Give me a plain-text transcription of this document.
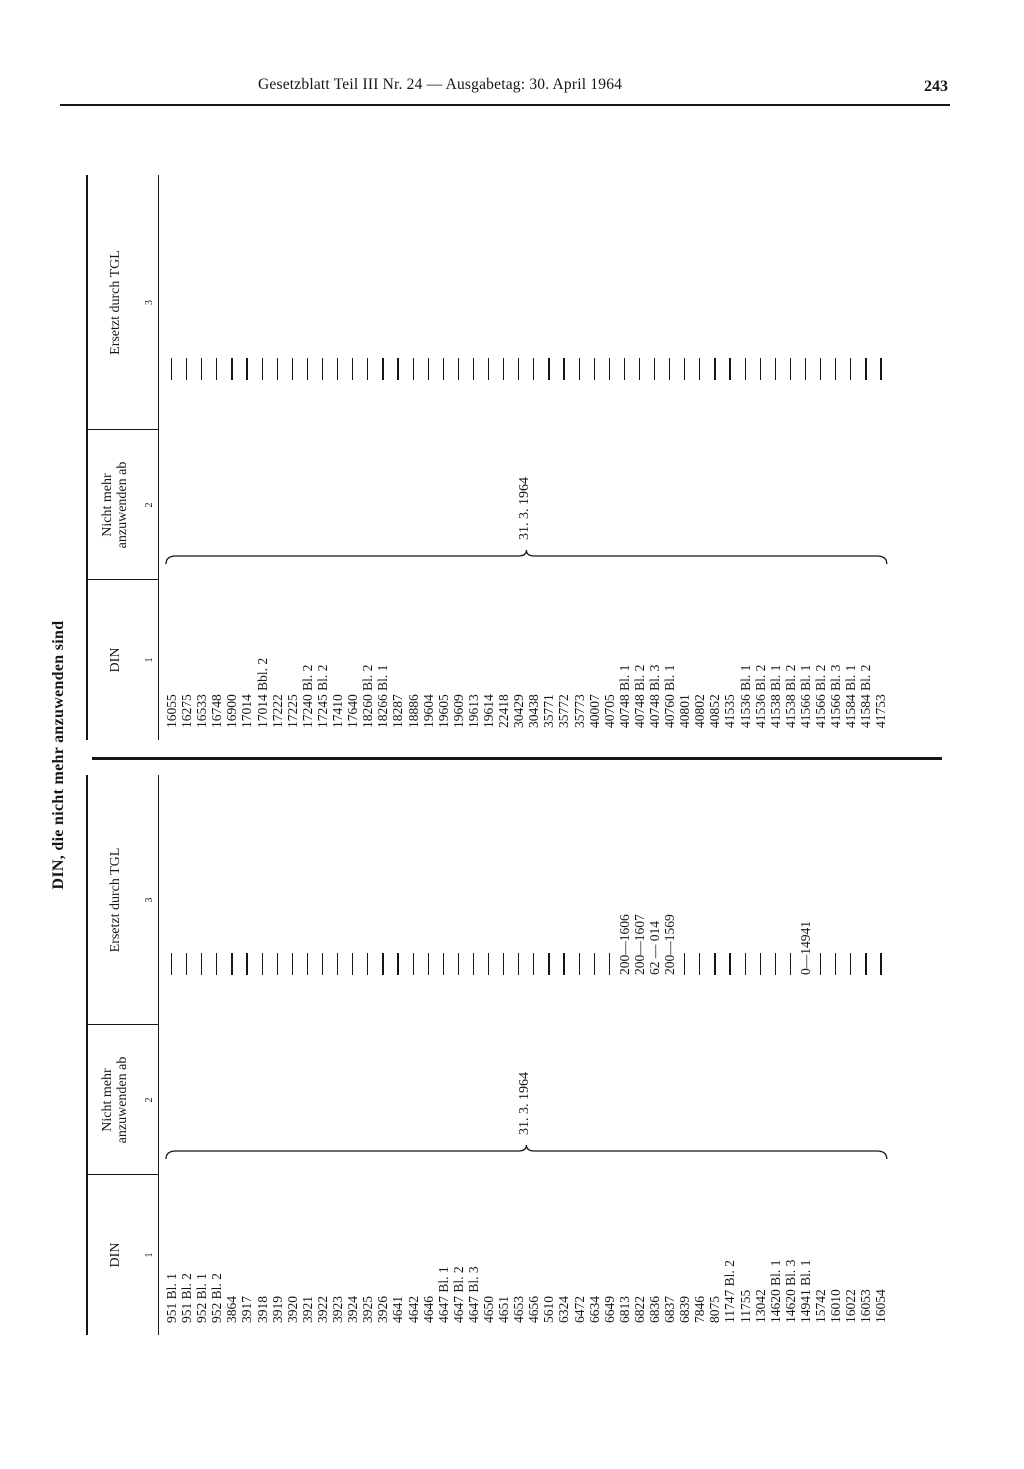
Gesetzblatt Teil III Nr. 24 — Ausgabetag: 30. April 1964	243
DIN, die nicht mehr anzuwenden sind
DIN
Nicht mehr anzuwenden ab
Ersetzt durch TGL
1
2
3
951 Bl. 1 951 Bl. 2 952 Bl. 1 952 Bl. 2 3864 3917 3918 3919 3920 3921 3922 3923 3924 3925 3926 4641 4642 4646 4647 Bl. 1 4647 Bl. 2 4647 Bl. 3 4650 4651 4653 4656 5610 6324 6472 6634 6649 6813 6822 6836 6837 6839 7846 8075 11747 Bl. 2 11755 13042 14620 Bl. 1 14620 Bl. 3 14941 Bl. 1 15742 16010 16022 16053 16054
31. 3. 1964
200—1606 200—1607 62 — 014 200—1569	0—14941
DIN
Nicht mehr anzuwenden ab
Ersetzt durch TGL
1
2
3
16055 16275 16533 16748 16900 17014 17014 Bbl. 2 17222 17225 17240 Bl. 2 17245 Bl. 2 17410 17640 18260 Bl. 2 18266 Bl. 1 18287 18886 19604 19605 19609 19613 19614 22418 30429 30438 35771 35772 35773 40007 40705 40748 Bl. 1 40748 Bl. 2 40748 Bl. 3 40760 Bl. 1 40801 40802 40852 41535 41536 Bl. 1 41536 Bl. 2 41538 Bl. 1 41538 Bl. 2 41566 Bl. 1 41566 Bl. 2 41566 Bl. 3 41584 Bl. 1 41584 Bl. 2 41753
31. 3. 1964
